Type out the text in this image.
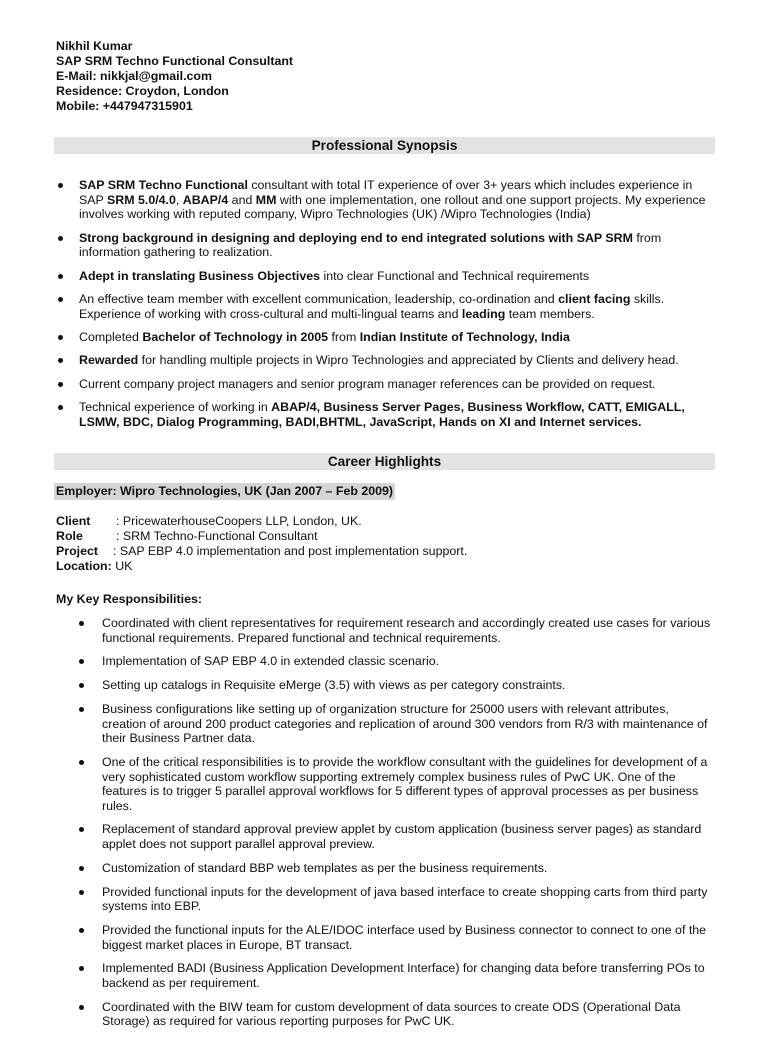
Nikhil Kumar
SAP SRM Techno Functional Consultant
E-Mail: nikkjal@gmail.com
Residence: Croydon, London
Mobile: +447947315901
Professional Synopsis
SAP SRM Techno Functional consultant with total IT experience of over 3+ years which includes experience in SAP SRM 5.0/4.0, ABAP/4 and MM with one implementation, one rollout and one support projects. My experience involves working with reputed company, Wipro Technologies (UK) /Wipro Technologies (India)
Strong background in designing and deploying end to end integrated solutions with SAP SRM from information gathering to realization.
Adept in translating Business Objectives into clear Functional and Technical requirements
An effective team member with excellent communication, leadership, co-ordination and client facing skills. Experience of working with cross-cultural and multi-lingual teams and leading team members.
Completed Bachelor of Technology in 2005 from Indian Institute of Technology, India
Rewarded for handling multiple projects in Wipro Technologies and appreciated by Clients and delivery head.
Current company project managers and senior program manager references can be provided on request.
Technical experience of working in ABAP/4, Business Server Pages, Business Workflow, CATT, EMIGALL, LSMW, BDC, Dialog Programming, BADI,BHTML, JavaScript, Hands on XI and Internet services.
Career Highlights
Employer: Wipro Technologies, UK (Jan 2007 – Feb 2009)
Client : PricewaterhouseCoopers LLP, London, UK.
Role	: SRM Techno-Functional Consultant
Project : SAP EBP 4.0 implementation and post implementation support.
Location: UK
My Key Responsibilities:
Coordinated with client representatives for requirement research and accordingly created use cases for various functional requirements. Prepared functional and technical requirements.
Implementation of SAP EBP 4.0 in extended classic scenario.
Setting up catalogs in Requisite eMerge (3.5) with views as per category constraints.
Business configurations like setting up of organization structure for 25000 users with relevant attributes, creation of around 200 product categories and replication of around 300 vendors from R/3 with maintenance of their Business Partner data.
One of the critical responsibilities is to provide the workflow consultant with the guidelines for development of a very sophisticated custom workflow supporting extremely complex business rules of PwC UK. One of the features is to trigger 5 parallel approval workflows for 5 different types of approval processes as per business rules.
Replacement of standard approval preview applet by custom application (business server pages) as standard applet does not support parallel approval preview.
Customization of standard BBP web templates as per the business requirements.
Provided functional inputs for the development of java based interface to create shopping carts from third party systems into EBP.
Provided the functional inputs for the ALE/IDOC interface used by Business connector to connect to one of the biggest market places in Europe, BT transact.
Implemented BADI (Business Application Development Interface) for changing data before transferring POs to backend as per requirement.
Coordinated with the BIW team for custom development of data sources to create ODS (Operational Data Storage) as required for various reporting purposes for PwC UK.
